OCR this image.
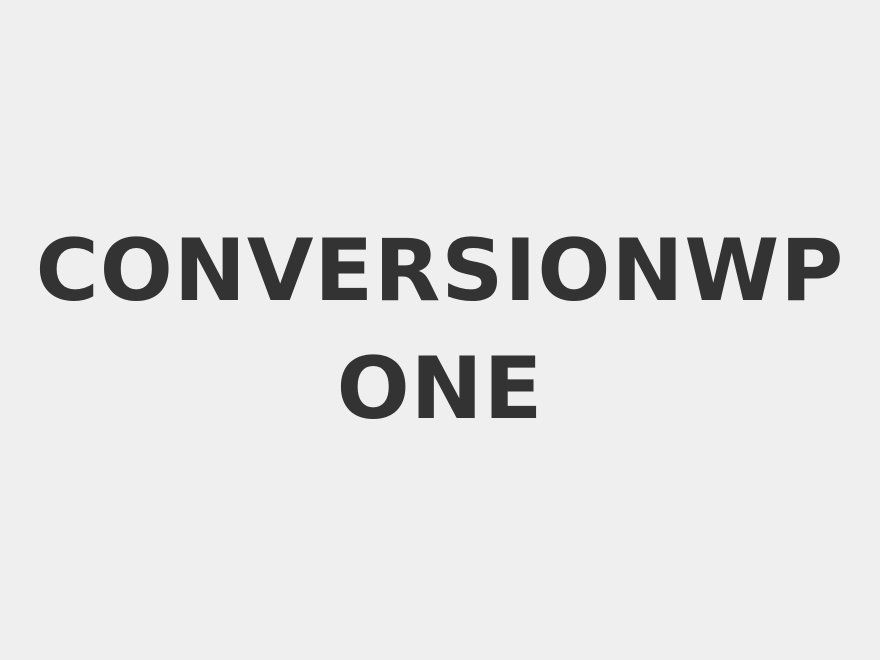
CONVERSIONWP
ONE
